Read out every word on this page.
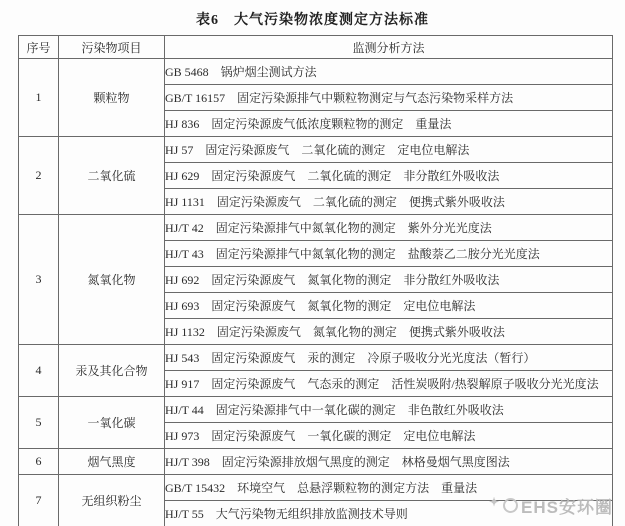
表6　大气污染物浓度测定方法标准
序号	污染物项目	监测分析方法
1	颗粒物	GB 5468　锅炉烟尘测试方法
		GB/T 16157　固定污染源排气中颗粒物测定与气态污染物采样方法
		HJ 836　固定污染源废气低浓度颗粒物的测定　重量法
2	二氧化硫	HJ 57　固定污染源废气　二氧化硫的测定　定电位电解法
		HJ 629　固定污染源废气　二氧化硫的测定　非分散红外吸收法
		HJ 1131　固定污染源废气　二氧化硫的测定　便携式紫外吸收法
3	氮氧化物	HJ/T 42　固定污染源排气中氮氧化物的测定　紫外分光光度法
		HJ/T 43　固定污染源排气中氮氧化物的测定　盐酸萘乙二胺分光光度法
		HJ 692　固定污染源废气　氮氧化物的测定　非分散红外吸收法
		HJ 693　固定污染源废气　氮氧化物的测定　定电位电解法
		HJ 1132　固定污染源废气　氮氧化物的测定　便携式紫外吸收法
4	汞及其化合物	HJ 543　固定污染源废气　汞的测定　冷原子吸收分光光度法（暂行）
		HJ 917　固定污染源废气　气态汞的测定　活性炭吸附/热裂解原子吸收分光光度法
5	一氧化碳	HJ/T 44　固定污染源排气中一氧化碳的测定　非色散红外吸收法
		HJ 973　固定污染源废气　一氧化碳的测定　定电位电解法
6	烟气黑度	HJ/T 398　固定污染源排放烟气黑度的测定　林格曼烟气黑度图法
7	无组织粉尘	GB/T 15432　环境空气　总悬浮颗粒物的测定方法　重量法
		HJ/T 55　大气污染物无组织排放监测技术导则
✦ EHS安环圈
